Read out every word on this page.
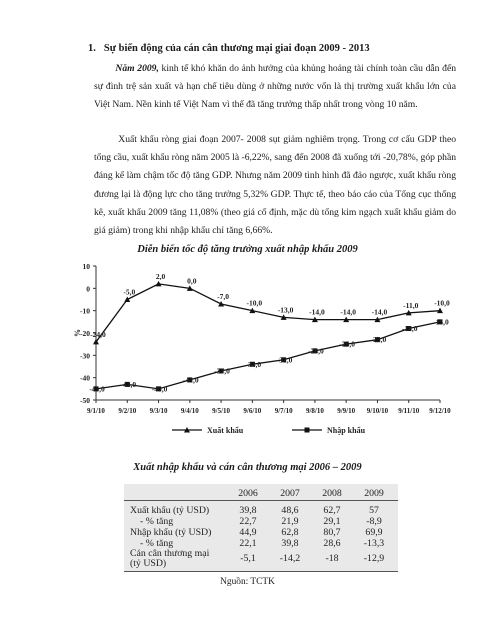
1. Sự biến động của cán cân thương mại giai đoạn 2009 - 2013
Năm 2009, kinh tế khó khăn do ảnh hưởng của khủng hoảng tài chính toàn cầu dẫn đến sự đình trệ sản xuất và hạn chế tiêu dùng ở những nước vốn là thị trường xuất khẩu lớn của Việt Nam. Nền kinh tế Việt Nam vì thế đã tăng trưởng thấp nhất trong vòng 10 năm.
Xuất khẩu ròng giai đoạn 2007- 2008 sụt giảm nghiêm trọng. Trong cơ cấu GDP theo tổng cầu, xuất khẩu ròng năm 2005 là -6,22%, sang đến 2008 đã xuống tới -20,78%, góp phần đáng kể làm chậm tốc độ tăng GDP. Nhưng năm 2009 tình hình đã đảo ngược, xuất khẩu ròng đương lại là động lực cho tăng trưởng 5,32% GDP. Thực tế, theo báo cáo của Tổng cục thống kê, xuất khẩu 2009 tăng 11,08% (theo giá cố định, mặc dù tổng kim ngạch xuất khẩu giảm do giá giảm) trong khi nhập khẩu chỉ tăng 6,66%.
Diễn biến tốc độ tăng trưởng xuất nhập khẩu 2009
10
0
-10
-20
-30
-40
-50
%
9/1/10 9/2/10 9/3/10 9/4/10 9/5/10 9/6/10 9/7/10 9/8/10 9/9/10 9/10/10 9/11/10 9/12/10
-24,0
-5,0
2,0	0,0
-7,0
-10,0
-13,0 -14,0 -14,0 -14,0
-11,0 -10,0
-45,0 -43,0 -45,0
-41,0
-37,0
-34,0 -32,0
-28,0
-25,0 -23,0
-18,0
-15,0
Xuất khẩu	Nhập khẩu
Xuất nhập khẩu và cán cân thương mại 2006 – 2009
2006	2007	2008	2009
Xuất khẩu (tỷ USD)	39,8	48,6	62,7	57
- % tăng	22,7	21,9	29,1	-8,9
Nhập khẩu (tỷ USD)	44,9	62,8	80,7	69,9
- % tăng	22,1	39,8	28,6	-13,3
Cán cân thương mại
(tỷ USD)	-5,1	-14,2	-18	-12,9
Nguồn: TCTK
